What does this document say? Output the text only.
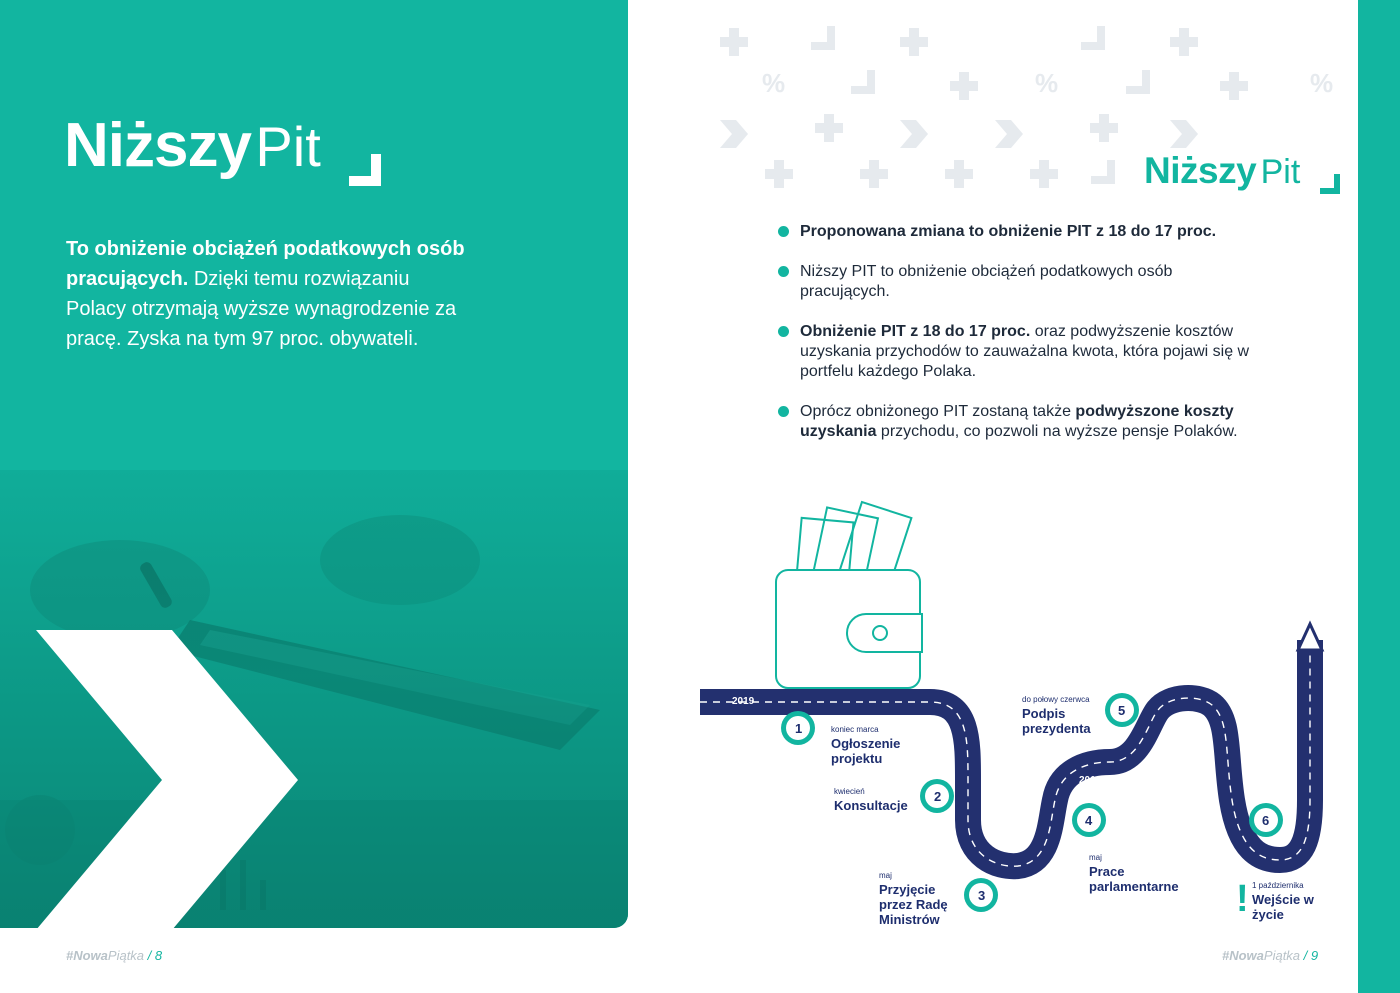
Niższy Pit

To obniżenie obciążeń podatkowych osób pracujących. Dzięki temu rozwiązaniu Polacy otrzymają wyższe wynagrodzenie za pracę. Zyska na tym 97 proc. obywateli.

#NowaPiątka / 8
%	%	%
Niższy Pit
Proponowana zmiana to obniżenie PIT z 18 do 17 proc.
Niższy PIT to obniżenie obciążeń podatkowych osób pracujących.
Obniżenie PIT z 18 do 17 proc. oraz podwyższenie kosztów uzyskania przychodów to zauważalna kwota, która pojawi się w portfelu każdego Polaka.
Oprócz obniżonego PIT zostaną także podwyższone koszty uzyskania przychodu, co pozwoli na wyższe pensje Polaków.
2019
2019
1
2
3
4
5
6
koniec marca
Ogłoszenie projektu
kwiecień
Konsultacje
maj
Przyjęcie przez Radę Ministrów
maj
Prace parlamentarne
do połowy czerwca
Podpis prezydenta
1 października
Wejście w życie
!
#NowaPiątka / 9
